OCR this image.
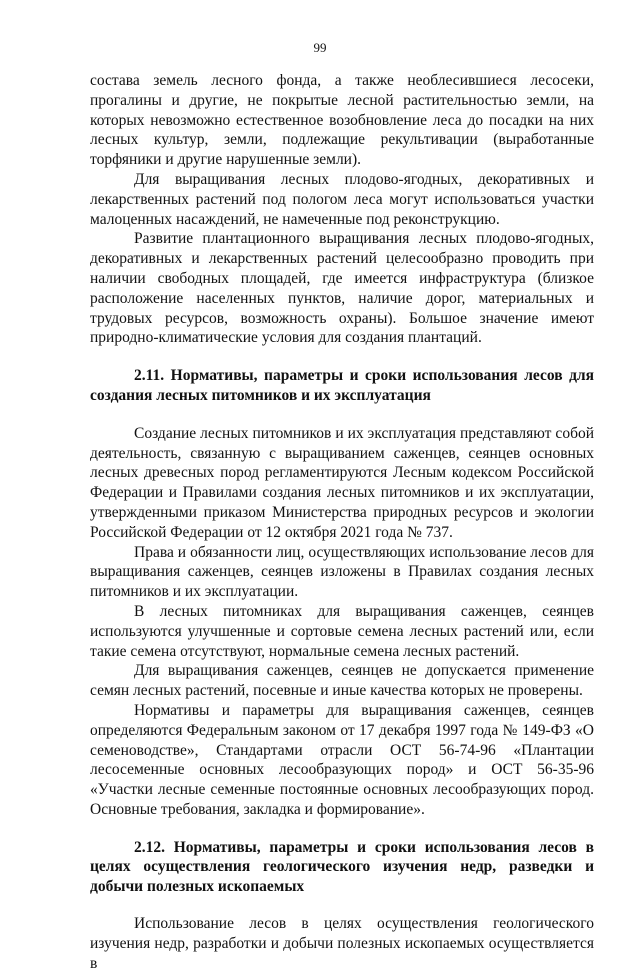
99

состава земель лесного фонда, а также необлесившиеся лесосеки, прогалины и другие, не покрытые лесной растительностью земли, на которых невозможно естественное возобновление леса до посадки на них лесных культур, земли, подлежащие рекультивации (выработанные торфяники и другие нарушенные земли).

Для выращивания лесных плодово-ягодных, декоративных и лекарственных растений под пологом леса могут использоваться участки малоценных насаждений, не намеченные под реконструкцию.

Развитие плантационного выращивания лесных плодово-ягодных, декоративных и лекарственных растений целесообразно проводить при наличии свободных площадей, где имеется инфраструктура (близкое расположение населенных пунктов, наличие дорог, материальных и трудовых ресурсов, возможность охраны). Большое значение имеют природно-климатические условия для создания плантаций.

2.11. Нормативы, параметры и сроки использования лесов для создания лесных питомников и их эксплуатация

Создание лесных питомников и их эксплуатация представляют собой деятельность, связанную с выращиванием саженцев, сеянцев основных лесных древесных пород регламентируются Лесным кодексом Российской Федерации и Правилами создания лесных питомников и их эксплуатации, утвержденными приказом Министерства природных ресурсов и экологии Российской Федерации от 12 октября 2021 года № 737.

Права и обязанности лиц, осуществляющих использование лесов для выращивания саженцев, сеянцев изложены в Правилах создания лесных питомников и их эксплуатации.

В лесных питомниках для выращивания саженцев, сеянцев используются улучшенные и сортовые семена лесных растений или, если такие семена отсутствуют, нормальные семена лесных растений.

Для выращивания саженцев, сеянцев не допускается применение семян лесных растений, посевные и иные качества которых не проверены.

Нормативы и параметры для выращивания саженцев, сеянцев определяются Федеральным законом от 17 декабря 1997 года № 149-ФЗ «О семеноводстве», Стандартами отрасли ОСТ 56-74-96 «Плантации лесосеменные основных лесообразующих пород» и ОСТ 56-35-96 «Участки лесные семенные постоянные основных лесообразующих пород. Основные требования, закладка и формирование».

2.12. Нормативы, параметры и сроки использования лесов в целях осуществления геологического изучения недр, разведки и добычи полезных ископаемых

Использование лесов в целях осуществления геологического изучения недр, разработки и добычи полезных ископаемых осуществляется в
